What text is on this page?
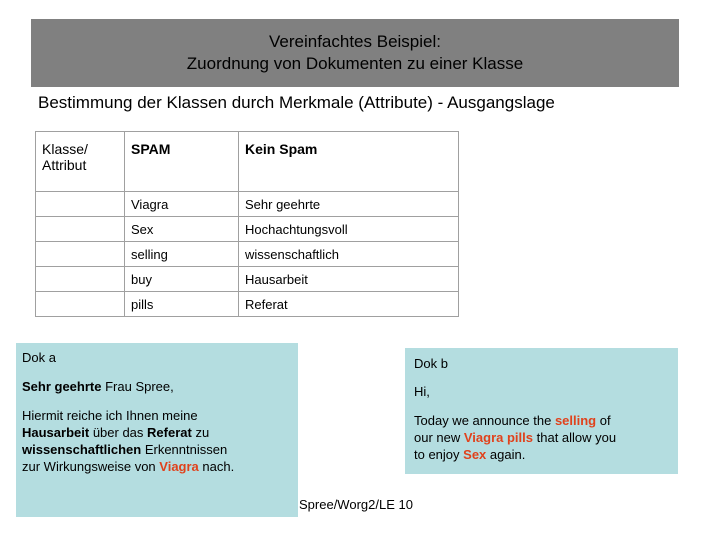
Vereinfachtes Beispiel:
Zuordnung von Dokumenten zu einer Klasse
Bestimmung der Klassen durch Merkmale (Attribute) - Ausgangslage
Klasse/
Attribut	SPAM	Kein Spam
	Viagra	Sehr geehrte
	Sex	Hochachtungsvoll
	selling	wissenschaftlich
	buy	Hausarbeit
	pills	Referat
Dok a
Sehr geehrte Frau Spree,
Hiermit reiche ich Ihnen meine
Hausarbeit über das Referat zu
wissenschaftlichen Erkenntnissen
zur Wirkungsweise von Viagra nach.
Dok b
Hi,
Today we announce the selling of
our new Viagra pills that allow you
to enjoy Sex again.
Spree/Worg2/LE 10
